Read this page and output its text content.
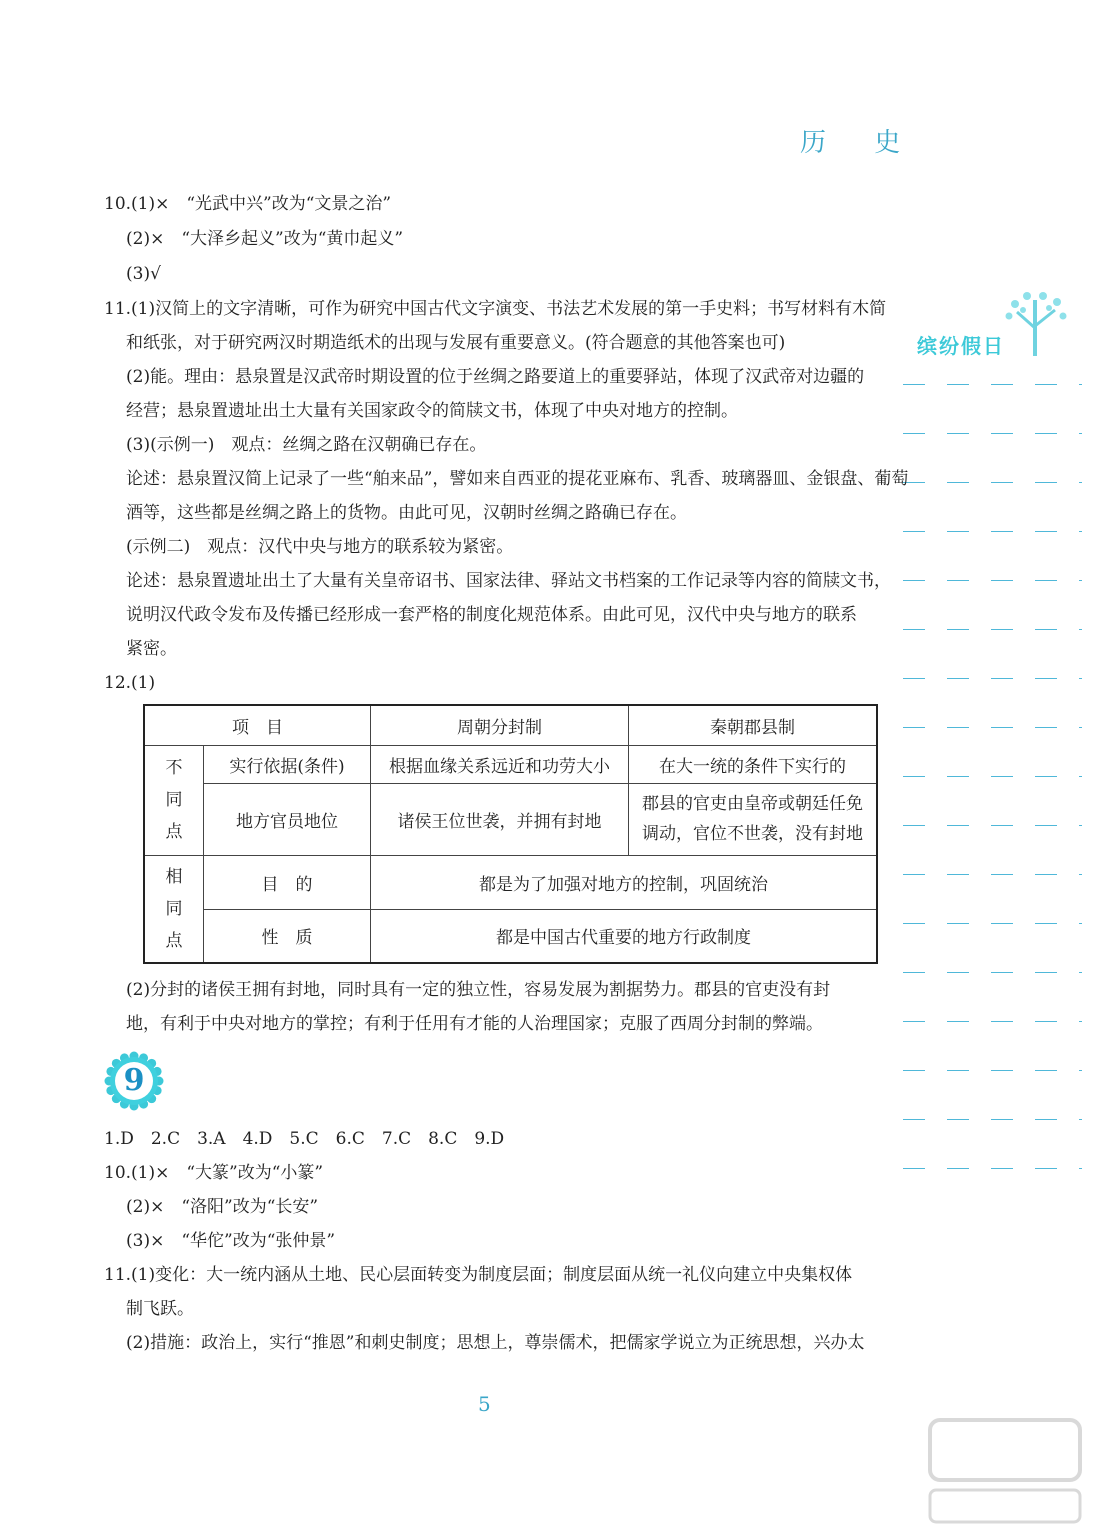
历 史
缤纷假日
10.(1)×　“光武中兴”改为“文景之治”
(2)×　“大泽乡起义”改为“黄巾起义”
(3)√
11.(1)汉简上的文字清晰，可作为研究中国古代文字演变、书法艺术发展的第一手史料；书写材料有木简
和纸张，对于研究两汉时期造纸术的出现与发展有重要意义。(符合题意的其他答案也可)
(2)能。理由：悬泉置是汉武帝时期设置的位于丝绸之路要道上的重要驿站，体现了汉武帝对边疆的
经营；悬泉置遗址出土大量有关国家政令的简牍文书，体现了中央对地方的控制。
(3)(示例一)　观点：丝绸之路在汉朝确已存在。
论述：悬泉置汉简上记录了一些“舶来品”，譬如来自西亚的提花亚麻布、乳香、玻璃器皿、金银盘、葡萄
酒等，这些都是丝绸之路上的货物。由此可见，汉朝时丝绸之路确已存在。
(示例二)　观点：汉代中央与地方的联系较为紧密。
论述：悬泉置遗址出土了大量有关皇帝诏书、国家法律、驿站文书档案的工作记录等内容的简牍文书，
说明汉代政令发布及传播已经形成一套严格的制度化规范体系。由此可见，汉代中央与地方的联系
紧密。
12.(1)
项　目		周朝分封制	秦朝郡县制
不
同
点	实行依据(条件)	根据血缘关系远近和功劳大小	在大一统的条件下实行的
	地方官员地位	诸侯王位世袭，并拥有封地	郡县的官吏由皇帝或朝廷任免调动，官位不世袭，没有封地
相
同
点	目　的	都是为了加强对地方的控制，巩固统治	
	性　质	都是中国古代重要的地方行政制度	
(2)分封的诸侯王拥有封地，同时具有一定的独立性，容易发展为割据势力。郡县的官吏没有封
地，有利于中央对地方的掌控；有利于任用有才能的人治理国家；克服了西周分封制的弊端。
9
1.D　2.C　3.A　4.D　5.C　6.C　7.C　8.C　9.D
10.(1)×　“大篆”改为“小篆”
(2)×　“洛阳”改为“长安”
(3)×　“华佗”改为“张仲景”
11.(1)变化：大一统内涵从土地、民心层面转变为制度层面；制度层面从统一礼仪向建立中央集权体
制飞跃。
(2)措施：政治上，实行“推恩”和刺史制度；思想上，尊崇儒术，把儒家学说立为正统思想，兴办太
5
